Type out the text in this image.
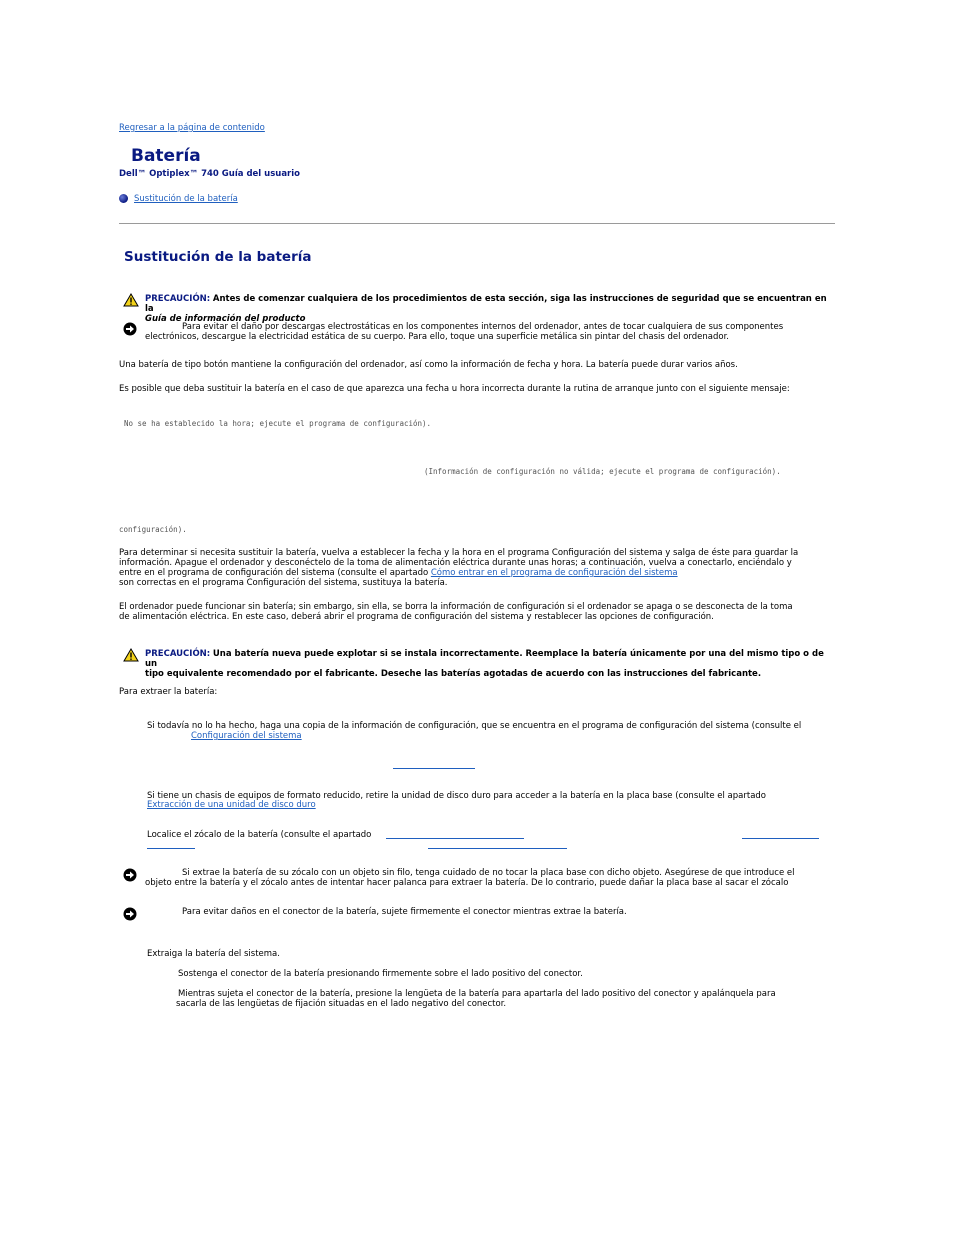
Regresar a la página de contenido
Batería
Dell™ Optiplex™ 740 Guía del usuario
Sustitución de la batería
Sustitución de la batería
PRECAUCIÓN: Antes de comenzar cualquiera de los procedimientos de esta sección, siga las instrucciones de seguridad que se encuentran en la
Guía de información del producto
Para evitar el daño por descargas electrostáticas en los componentes internos del ordenador, antes de tocar cualquiera de sus componentes
electrónicos, descargue la electricidad estática de su cuerpo. Para ello, toque una superficie metálica sin pintar del chasis del ordenador.
Una batería de tipo botón mantiene la configuración del ordenador, así como la información de fecha y hora. La batería puede durar varios años.
Es posible que deba sustituir la batería en el caso de que aparezca una fecha u hora incorrecta durante la rutina de arranque junto con el siguiente mensaje:
No se ha establecido la hora; ejecute el programa de configuración).
(Información de configuración no válida; ejecute el programa de configuración).
configuración).
Para determinar si necesita sustituir la batería, vuelva a establecer la fecha y la hora en el programa Configuración del sistema y salga de éste para guardar la
información. Apague el ordenador y desconéctelo de la toma de alimentación eléctrica durante unas horas; a continuación, vuelva a conectarlo, enciéndalo y
entre en el programa de configuración del sistema (consulte el apartado Cómo entrar en el programa de configuración del sistema
son correctas en el programa Configuración del sistema, sustituya la batería.
El ordenador puede funcionar sin batería; sin embargo, sin ella, se borra la información de configuración si el ordenador se apaga o se desconecta de la toma
de alimentación eléctrica. En este caso, deberá abrir el programa de configuración del sistema y restablecer las opciones de configuración.
PRECAUCIÓN: Una batería nueva puede explotar si se instala incorrectamente. Reemplace la batería únicamente por una del mismo tipo o de un
tipo equivalente recomendado por el fabricante. Deseche las baterías agotadas de acuerdo con las instrucciones del fabricante.
Para extraer la batería:
Si todavía no lo ha hecho, haga una copia de la información de configuración, que se encuentra en el programa de configuración del sistema (consulte el
Configuración del sistema
Si tiene un chasis de equipos de formato reducido, retire la unidad de disco duro para acceder a la batería en la placa base (consulte el apartado
Extracción de una unidad de disco duro
Localice el zócalo de la batería (consulte el apartado
Si extrae la batería de su zócalo con un objeto sin filo, tenga cuidado de no tocar la placa base con dicho objeto. Asegúrese de que introduce el
objeto entre la batería y el zócalo antes de intentar hacer palanca para extraer la batería. De lo contrario, puede dañar la placa base al sacar el zócalo
Para evitar daños en el conector de la batería, sujete firmemente el conector mientras extrae la batería.
Extraiga la batería del sistema.
Sostenga el conector de la batería presionando firmemente sobre el lado positivo del conector.
Mientras sujeta el conector de la batería, presione la lengüeta de la batería para apartarla del lado positivo del conector y apalánquela para
sacarla de las lengüetas de fijación situadas en el lado negativo del conector.
